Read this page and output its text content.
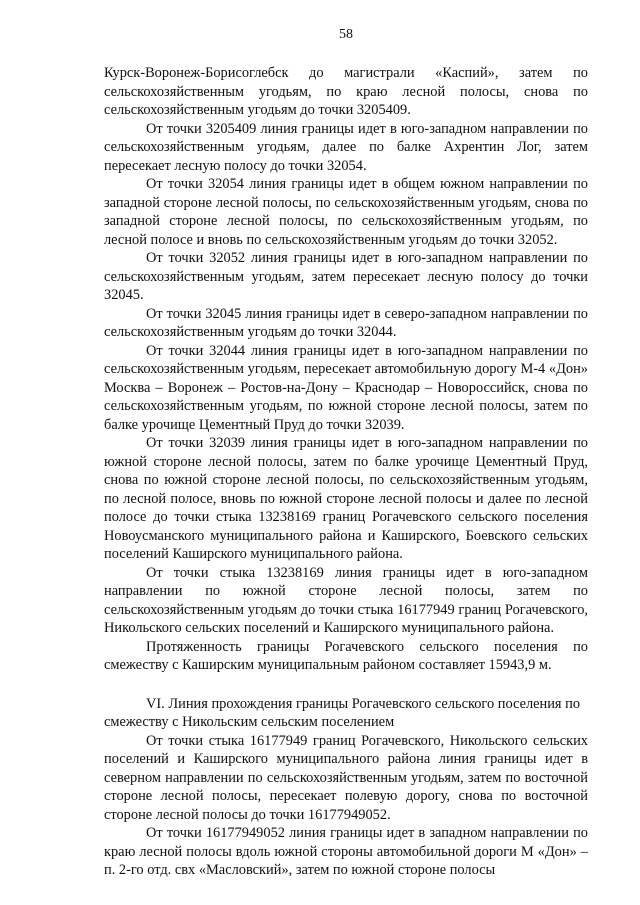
58

Курск-Воронеж-Борисоглебск до магистрали «Каспий», затем по сельскохозяйственным угодьям, по краю лесной полосы, снова по сельскохозяйственным угодьям до точки 3205409.

От точки 3205409 линия границы идет в юго-западном направлении по сельскохозяйственным угодьям, далее по балке Ахрентин Лог, затем пересекает лесную полосу до точки 32054.

От точки 32054 линия границы идет в общем южном направлении по западной стороне лесной полосы, по сельскохозяйственным угодьям, снова по западной стороне лесной полосы, по сельскохозяйственным угодьям, по лесной полосе и вновь по сельскохозяйственным угодьям до точки 32052.

От точки 32052 линия границы идет в юго-западном направлении по сельскохозяйственным угодьям, затем пересекает лесную полосу до точки 32045.

От точки 32045 линия границы идет в северо-западном направлении по сельскохозяйственным угодьям до точки 32044.

От точки 32044 линия границы идет в юго-западном направлении по сельскохозяйственным угодьям, пересекает автомобильную дорогу М-4 «Дон» Москва – Воронеж – Ростов-на-Дону – Краснодар – Новороссийск, снова по сельскохозяйственным угодьям, по южной стороне лесной полосы, затем по балке урочище Цементный Пруд до точки 32039.

От точки 32039 линия границы идет в юго-западном направлении по южной стороне лесной полосы, затем по балке урочище Цементный Пруд, снова по южной стороне лесной полосы, по сельскохозяйственным угодьям, по лесной полосе, вновь по южной стороне лесной полосы и далее по лесной полосе до точки стыка 13238169 границ Рогачевского сельского поселения Новоусманского муниципального района и Каширского, Боевского сельских поселений Каширского муниципального района.

От точки стыка 13238169 линия границы идет в юго-западном направлении по южной стороне лесной полосы, затем по сельскохозяйственным угодьям до точки стыка 16177949 границ Рогачевского, Никольского сельских поселений и Каширского муниципального района.

Протяженность границы Рогачевского сельского поселения по смежеству с Каширским муниципальным районом составляет 15943,9 м.

VI. Линия прохождения границы Рогачевского сельского поселения по смежеству с Никольским сельским поселением

От точки стыка 16177949 границ Рогачевского, Никольского сельских поселений и Каширского муниципального района линия границы идет в северном направлении по сельскохозяйственным угодьям, затем по восточной стороне лесной полосы, пересекает полевую дорогу, снова по восточной стороне лесной полосы до точки 16177949052.

От точки 16177949052 линия границы идет в западном направлении по краю лесной полосы вдоль южной стороны автомобильной дороги М «Дон» – п. 2-го отд. свх «Масловский», затем по южной стороне полосы
